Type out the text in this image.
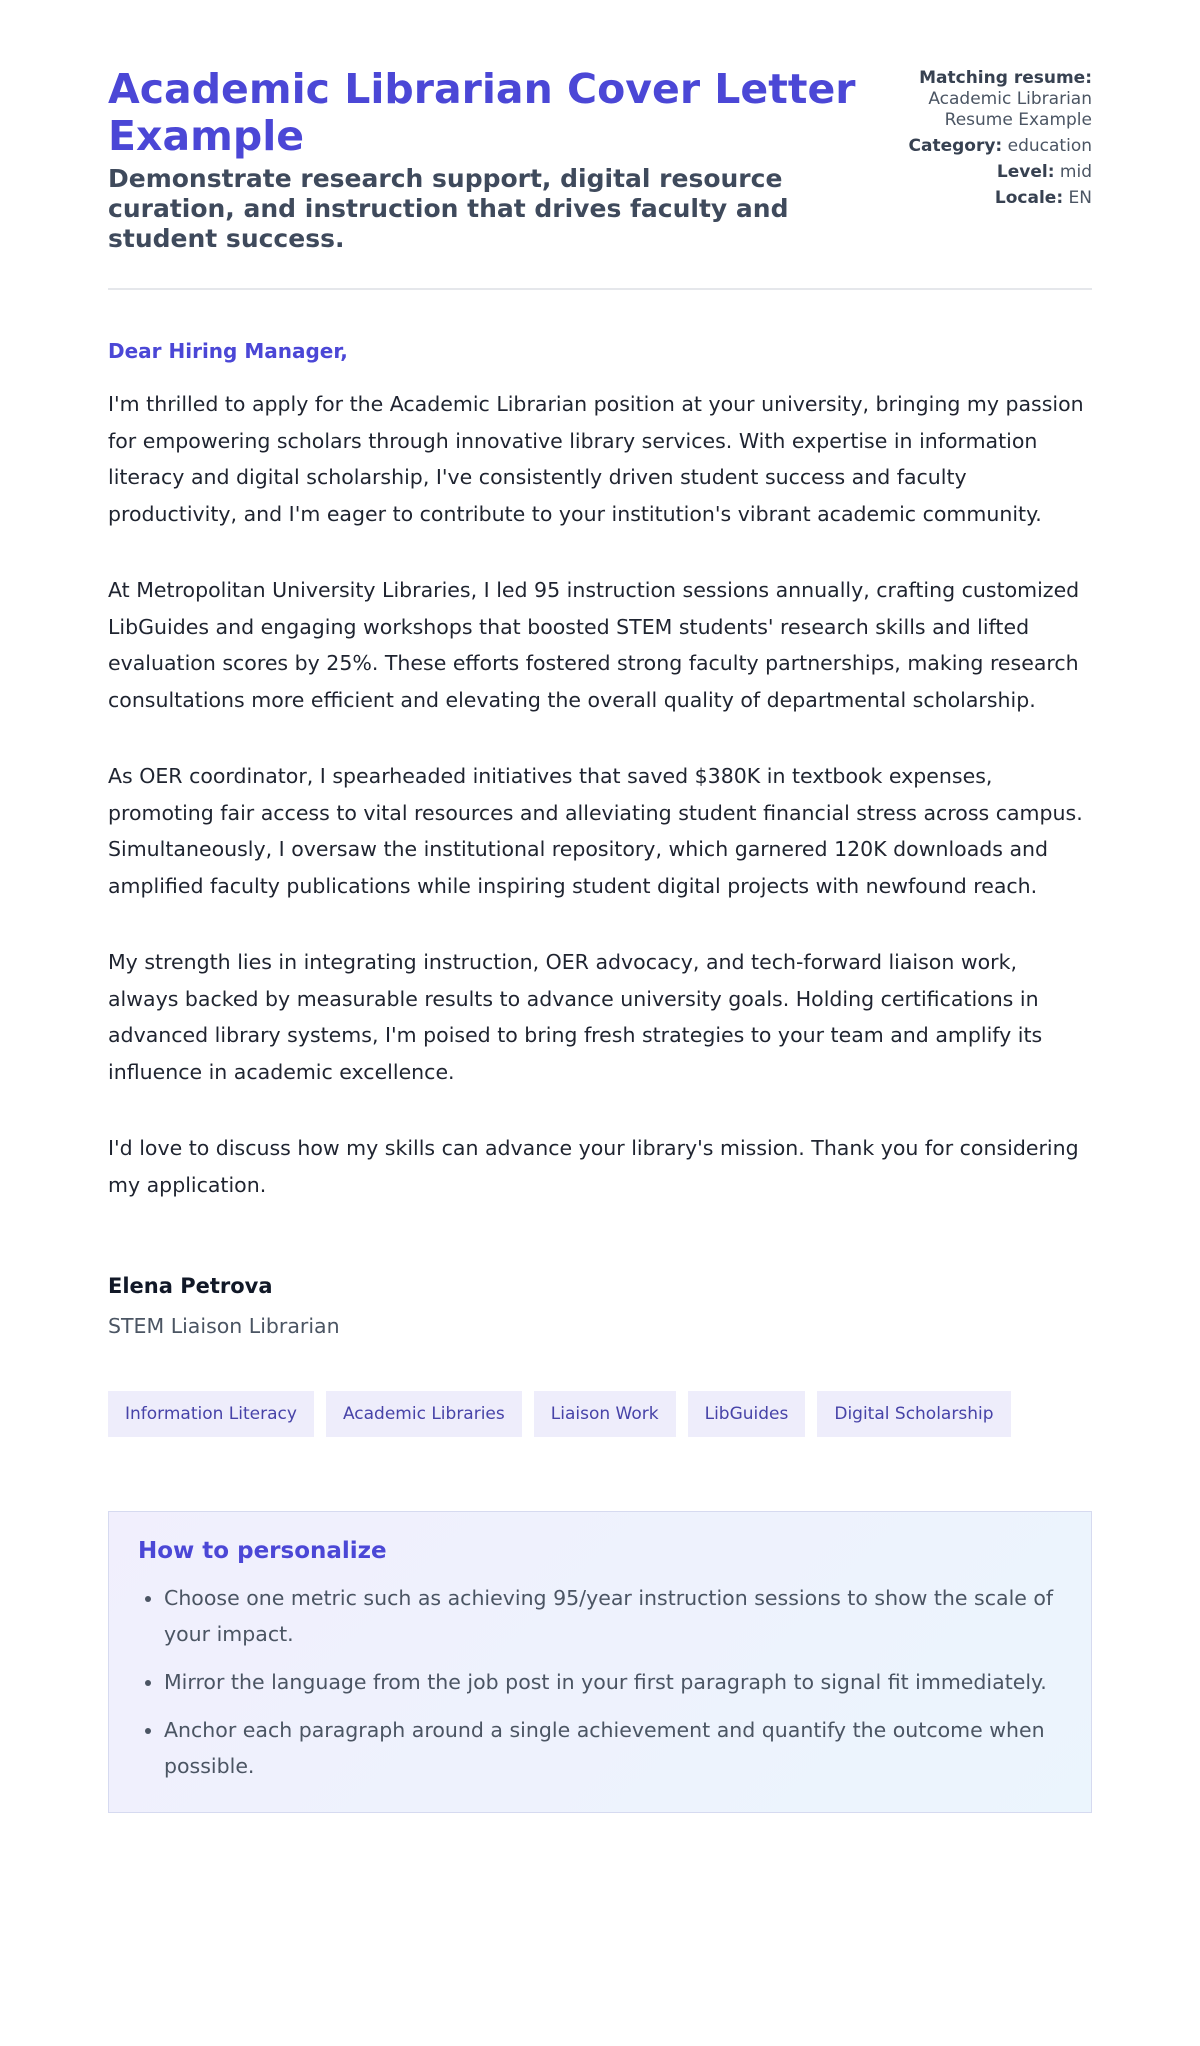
Academic Librarian Cover Letter Example
Demonstrate research support, digital resource curation, and instruction that drives faculty and student success.
Matching resume:
Academic Librarian
Resume Example
Category: education
Level: mid
Locale: EN

Dear Hiring Manager,

I'm thrilled to apply for the Academic Librarian position at your university, bringing my passion for empowering scholars through innovative library services. With expertise in information literacy and digital scholarship, I've consistently driven student success and faculty productivity, and I'm eager to contribute to your institution's vibrant academic community.

At Metropolitan University Libraries, I led 95 instruction sessions annually, crafting customized LibGuides and engaging workshops that boosted STEM students' research skills and lifted evaluation scores by 25%. These efforts fostered strong faculty partnerships, making research consultations more efficient and elevating the overall quality of departmental scholarship.

As OER coordinator, I spearheaded initiatives that saved $380K in textbook expenses, promoting fair access to vital resources and alleviating student financial stress across campus. Simultaneously, I oversaw the institutional repository, which garnered 120K downloads and amplified faculty publications while inspiring student digital projects with newfound reach.

My strength lies in integrating instruction, OER advocacy, and tech-forward liaison work, always backed by measurable results to advance university goals. Holding certifications in advanced library systems, I'm poised to bring fresh strategies to your team and amplify its influence in academic excellence.

I'd love to discuss how my skills can advance your library's mission. Thank you for considering my application.

Elena Petrova

STEM Liaison Librarian

Information Literacy	Academic Libraries	Liaison Work	LibGuides	Digital Scholarship
How to personalize
• Choose one metric such as achieving 95/year instruction sessions to show the scale of your impact.
• Mirror the language from the job post in your first paragraph to signal fit immediately.
• Anchor each paragraph around a single achievement and quantify the outcome when possible.
